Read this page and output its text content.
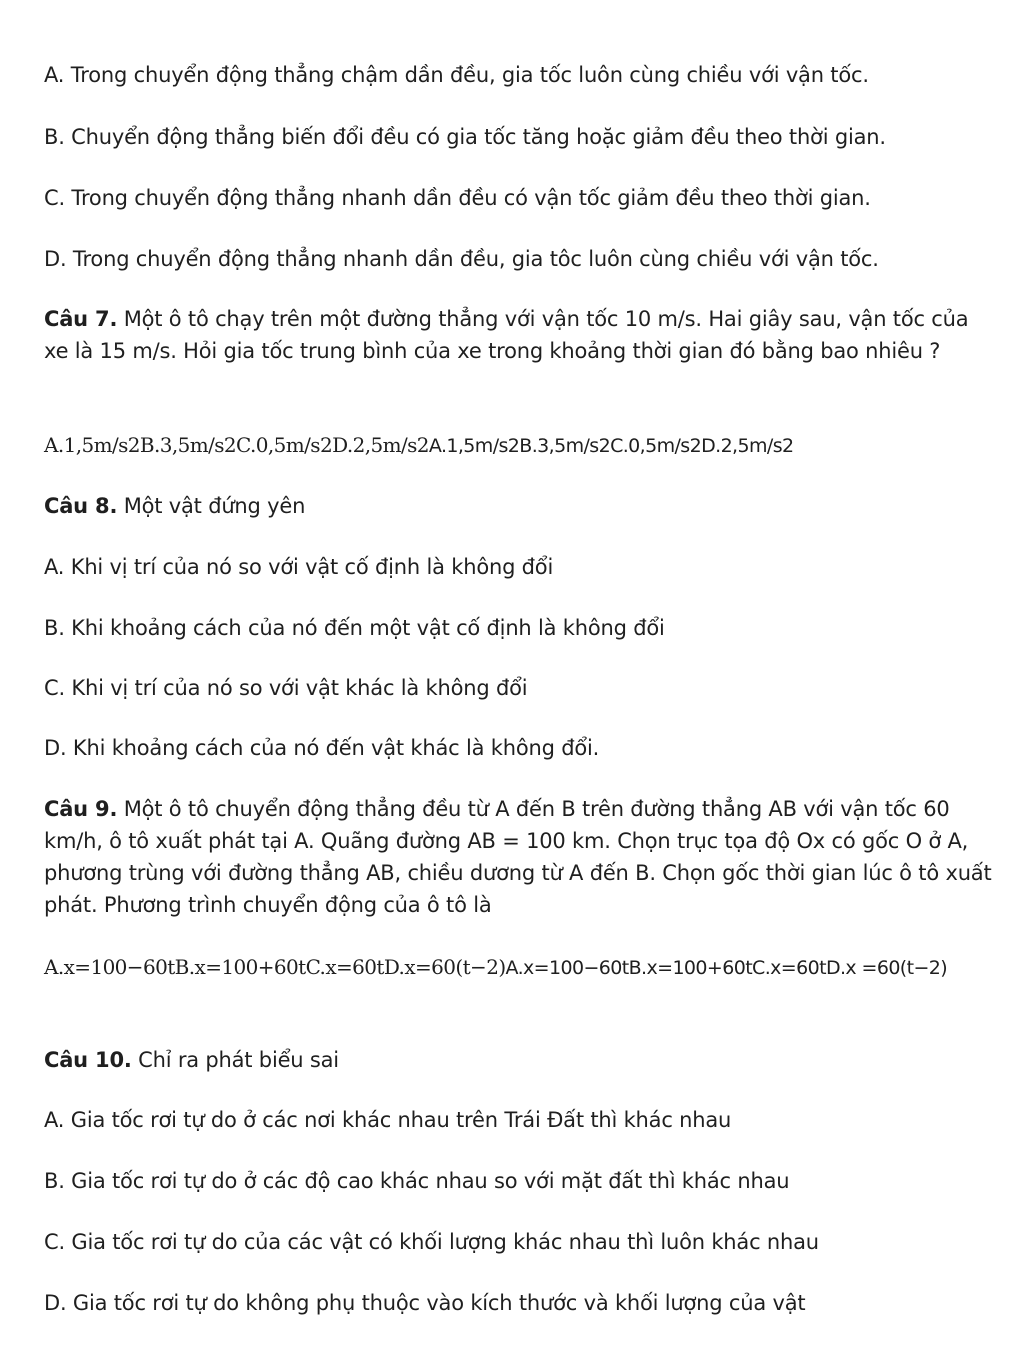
A. Trong chuyển động thẳng chậm dần đều, gia tốc luôn cùng chiều với vận tốc.
B. Chuyển động thẳng biến đổi đều có gia tốc tăng hoặc giảm đều theo thời gian.
C. Trong chuyển động thẳng nhanh dần đều có vận tốc giảm đều theo thời gian.
D. Trong chuyển động thẳng nhanh dần đều, gia tôc luôn cùng chiều với vận tốc.
Câu 7. Một ô tô chạy trên một đường thẳng với vận tốc 10 m/s. Hai giây sau, vận tốc của xe là 15 m/s. Hỏi gia tốc trung bình của xe trong khoảng thời gian đó bằng bao nhiêu ?
A.1,5m/s2B.3,5m/s2C.0,5m/s2D.2,5m/s2A.1,5m/s2B.3,5m/s2C.0,5m/s2D.2,5m/s2
Câu 8. Một vật đứng yên
A. Khi vị trí của nó so với vật cố định là không đổi
B. Khi khoảng cách của nó đến một vật cố định là không đổi
C. Khi vị trí của nó so với vật khác là không đổi
D. Khi khoảng cách của nó đến vật khác là không đổi.
Câu 9. Một ô tô chuyển động thẳng đều từ A đến B trên đường thẳng AB với vận tốc 60 km/h, ô tô xuất phát tại A. Quãng đường AB = 100 km. Chọn trục tọa độ Ox có gốc O ở A, phương trùng với đường thẳng AB, chiều dương từ A đến B. Chọn gốc thời gian lúc ô tô xuất phát. Phương trình chuyển động của ô tô là
A.x=100−60tB.x=100+60tC.x=60tD.x=60(t−2)A.x=100−60tB.x=100+60tC.x=60tD.x =60(t−2)
Câu 10. Chỉ ra phát biểu sai
A. Gia tốc rơi tự do ở các nơi khác nhau trên Trái Đất thì khác nhau
B. Gia tốc rơi tự do ở các độ cao khác nhau so với mặt đất thì khác nhau
C. Gia tốc rơi tự do của các vật có khối lượng khác nhau thì luôn khác nhau
D. Gia tốc rơi tự do không phụ thuộc vào kích thước và khối lượng của vật
